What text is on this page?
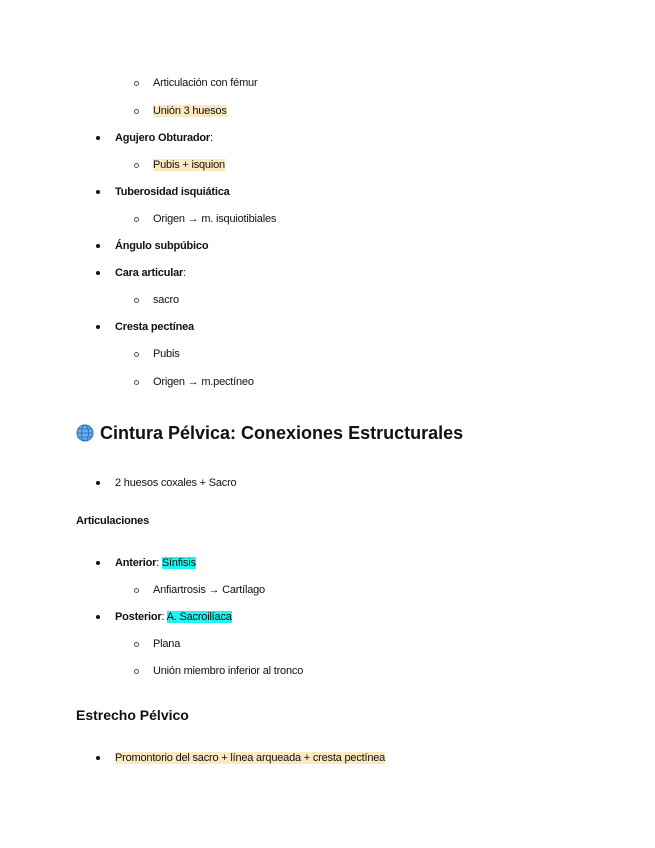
Articulación con fémur
Unión 3 huesos
Agujero Obturador:
Pubis + isquion
Tuberosidad isquiática
Origen → m. isquiotibiales
Ángulo subpúbico
Cara articular:
sacro
Cresta pectínea
Pubis
Origen → m.pectíneo
Cintura Pélvica: Conexiones Estructurales
2 huesos coxales + Sacro
Articulaciones
Anterior: Sínfisis
Anfiartrosis → Cartílago
Posterior: A. Sacroilíaca
Plana
Unión miembro inferior al tronco
Estrecho Pélvico
Promontorio del sacro + línea arqueada + cresta pectínea
